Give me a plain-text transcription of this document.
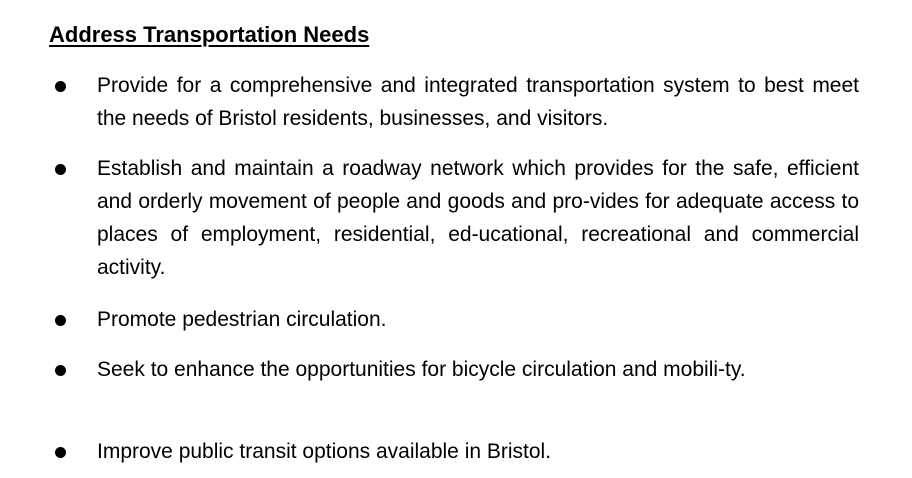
Address Transportation Needs
Provide for a comprehensive and integrated transportation system to best meet the needs of Bristol residents, businesses, and visitors.
Establish and maintain a roadway network which provides for the safe, efficient and orderly movement of people and goods and pro-vides for adequate access to places of employment, residential, ed-ucational, recreational and commercial activity.
Promote pedestrian circulation.
Seek to enhance the opportunities for bicycle circulation and mobili-ty.
Improve public transit options available in Bristol.
